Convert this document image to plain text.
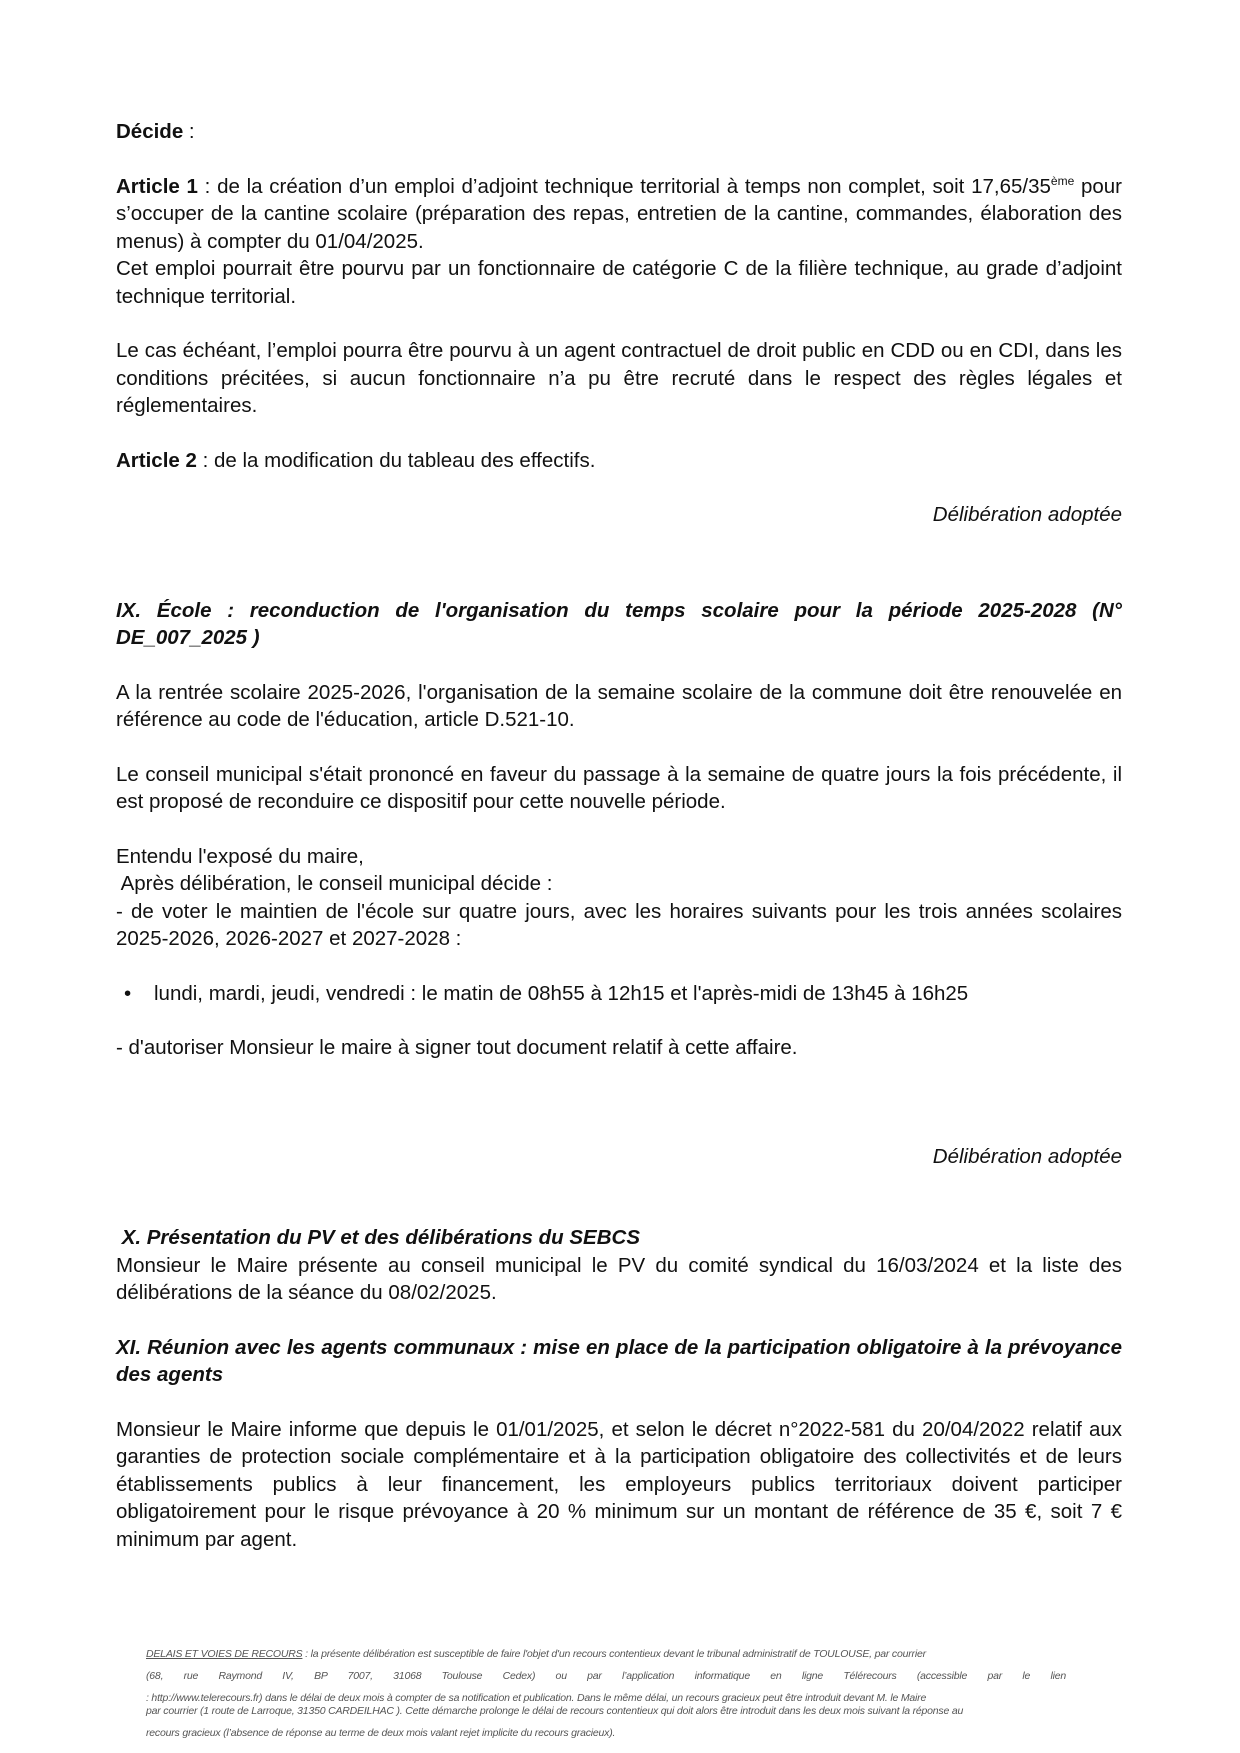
Décide :

Article 1 : de la création d’un emploi d’adjoint technique territorial à temps non complet, soit 17,65/35ème pour s’occuper de la cantine scolaire (préparation des repas, entretien de la cantine, commandes, élaboration des menus) à compter du 01/04/2025.

Cet emploi pourrait être pourvu par un fonctionnaire de catégorie C de la filière technique, au grade d’adjoint technique territorial.

Le cas échéant, l’emploi pourra être pourvu à un agent contractuel de droit public en CDD ou en CDI, dans les conditions précitées, si aucun fonctionnaire n’a pu être recruté dans le respect des règles légales et réglementaires.

Article 2 : de la modification du tableau des effectifs.

Délibération adoptée

IX. École : reconduction de l'organisation du temps scolaire pour la période 2025-2028 (N° DE_007_2025 )

A la rentrée scolaire 2025-2026, l'organisation de la semaine scolaire de la commune doit être renouvelée en référence au code de l'éducation, article D.521-10.

Le conseil municipal s'était prononcé en faveur du passage à la semaine de quatre jours la fois précédente, il est proposé de reconduire ce dispositif pour cette nouvelle période.

Entendu l'exposé du maire,

Après délibération, le conseil municipal décide :

- de voter le maintien de l'école sur quatre jours, avec les horaires suivants pour les trois années scolaires 2025-2026, 2026-2027 et 2027-2028 :

•	lundi, mardi, jeudi, vendredi : le matin de 08h55 à 12h15 et l'après-midi de 13h45 à 16h25

- d'autoriser Monsieur le maire à signer tout document relatif à cette affaire.

Délibération adoptée

X. Présentation du PV et des délibérations du SEBCS

Monsieur le Maire présente au conseil municipal le PV du comité syndical du 16/03/2024 et la liste des délibérations de la séance du 08/02/2025.

XI. Réunion avec les agents communaux : mise en place de la participation obligatoire à la prévoyance des agents

Monsieur le Maire informe que depuis le 01/01/2025, et selon le décret n°2022-581 du 20/04/2022 relatif aux garanties de protection sociale complémentaire et à la participation obligatoire des collectivités et de leurs établissements publics à leur financement, les employeurs publics territoriaux doivent participer obligatoirement pour le risque prévoyance à 20 % minimum sur un montant de référence de 35 €, soit 7 € minimum par agent.

DELAIS ET VOIES DE RECOURS : la présente délibération est susceptible de faire l'objet d'un recours contentieux devant le tribunal administratif de TOULOUSE, par courrier

(68, rue Raymond IV, BP 7007, 31068 Toulouse Cedex) ou par l’application informatique en ligne Télérecours (accessible par le lien

: http://www.telerecours.fr) dans le délai de deux mois à compter de sa notification et publication. Dans le même délai, un recours gracieux peut être introduit devant M. le Maire

par courrier (1 route de Larroque, 31350 CARDEILHAC ). Cette démarche prolonge le délai de recours contentieux qui doit alors être introduit dans les deux mois suivant la réponse au

recours gracieux (l’absence de réponse au terme de deux mois valant rejet implicite du recours gracieux).
